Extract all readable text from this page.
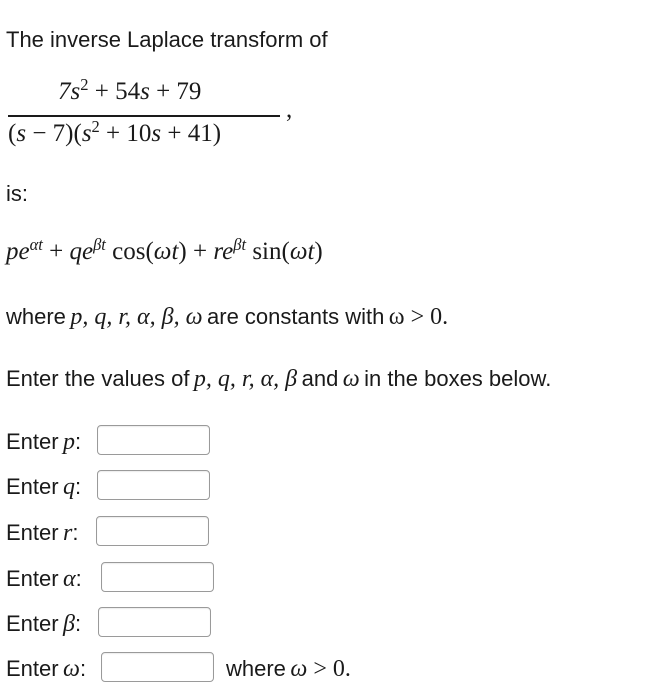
The inverse Laplace transform of
$7s^2 + 54s + 79$
$(s - 7)(s^2 + 10s + 41)$
,
is:
$pe^{\alpha t} + qe^{\beta t}$ $\cos(\omega t) + re^{\beta t}$ sin(ωt)
where p, q, r, α, β, ω are constants with ω > 0.
Enter the values of p, q, r, α, β and ω in the boxes below.
Enter p:
Enter q:
Enter r:
Enter α:
Enter β:
Enter ω:	where ω > 0.
